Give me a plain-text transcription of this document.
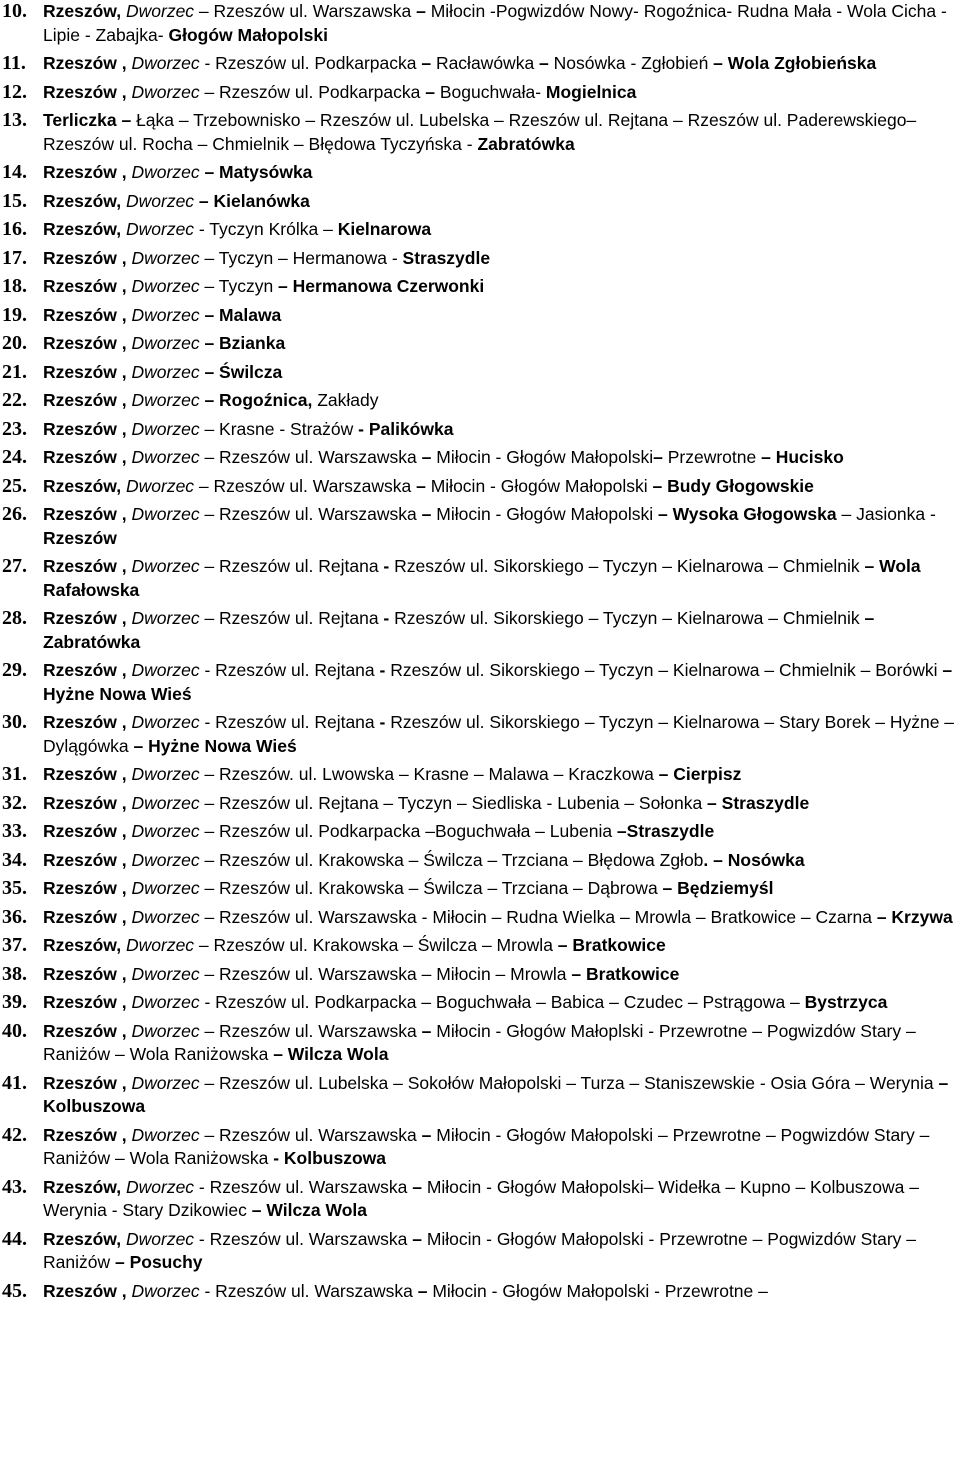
10. Rzeszów, Dworzec – Rzeszów ul. Warszawska – Miłocin -Pogwizdów Nowy- Rogoźnica- Rudna Mała - Wola Cicha - Lipie - Zabajka- Głogów Małopolski
11. Rzeszów , Dworzec - Rzeszów ul. Podkarpacka – Racławówka – Nosówka - Zgłobień – Wola Zgłobieńska
12. Rzeszów , Dworzec – Rzeszów ul. Podkarpacka – Boguchwała- Mogielnica
13. Terliczka – Łąka – Trzebownisko – Rzeszów ul. Lubelska – Rzeszów ul. Rejtana – Rzeszów ul. Paderewskiego– Rzeszów ul. Rocha – Chmielnik – Błędowa Tyczyńska - Zabratówka
14. Rzeszów , Dworzec – Matysówka
15. Rzeszów, Dworzec – Kielanówka
16. Rzeszów, Dworzec - Tyczyn Królka – Kielnarowa
17. Rzeszów , Dworzec – Tyczyn – Hermanowa - Straszydle
18. Rzeszów , Dworzec – Tyczyn – Hermanowa Czerwonki
19. Rzeszów , Dworzec – Malawa
20. Rzeszów , Dworzec – Bzianka
21. Rzeszów , Dworzec – Świlcza
22. Rzeszów , Dworzec – Rogoźnica, Zakłady
23. Rzeszów , Dworzec – Krasne - Strażów - Palikówka
24. Rzeszów , Dworzec – Rzeszów ul. Warszawska – Miłocin - Głogów Małopolski– Przewrotne – Hucisko
25. Rzeszów, Dworzec – Rzeszów ul. Warszawska – Miłocin - Głogów Małopolski – Budy Głogowskie
26. Rzeszów , Dworzec – Rzeszów ul. Warszawska – Miłocin - Głogów Małopolski – Wysoka Głogowska – Jasionka - Rzeszów
27. Rzeszów , Dworzec – Rzeszów ul. Rejtana - Rzeszów ul. Sikorskiego – Tyczyn – Kielnarowa – Chmielnik – Wola Rafałowska
28. Rzeszów , Dworzec – Rzeszów ul. Rejtana - Rzeszów ul. Sikorskiego – Tyczyn – Kielnarowa – Chmielnik – Zabratówka
29. Rzeszów , Dworzec - Rzeszów ul. Rejtana - Rzeszów ul. Sikorskiego – Tyczyn – Kielnarowa – Chmielnik – Borówki – Hyżne Nowa Wieś
30. Rzeszów , Dworzec - Rzeszów ul. Rejtana - Rzeszów ul. Sikorskiego – Tyczyn – Kielnarowa – Stary Borek – Hyżne – Dylągówka – Hyżne Nowa Wieś
31. Rzeszów , Dworzec – Rzeszów. ul. Lwowska – Krasne – Malawa – Kraczkowa – Cierpisz
32. Rzeszów , Dworzec – Rzeszów ul. Rejtana – Tyczyn – Siedliska - Lubenia – Sołonka – Straszydle
33. Rzeszów , Dworzec – Rzeszów ul. Podkarpacka –Boguchwała – Lubenia –Straszydle
34. Rzeszów , Dworzec – Rzeszów ul. Krakowska – Świlcza – Trzciana – Błędowa Zgłob. – Nosówka
35. Rzeszów , Dworzec – Rzeszów ul. Krakowska – Świlcza – Trzciana – Dąbrowa – Będziemyśl
36. Rzeszów , Dworzec – Rzeszów ul. Warszawska - Miłocin – Rudna Wielka – Mrowla – Bratkowice – Czarna – Krzywa
37. Rzeszów, Dworzec – Rzeszów ul. Krakowska – Świlcza – Mrowla – Bratkowice
38. Rzeszów , Dworzec – Rzeszów ul. Warszawska – Miłocin – Mrowla – Bratkowice
39. Rzeszów , Dworzec - Rzeszów ul. Podkarpacka – Boguchwała – Babica – Czudec – Pstrągowa – Bystrzyca
40. Rzeszów , Dworzec – Rzeszów ul. Warszawska – Miłocin - Głogów Małoplski - Przewrotne – Pogwizdów Stary – Raniżów – Wola Raniżowska – Wilcza Wola
41. Rzeszów , Dworzec – Rzeszów ul. Lubelska – Sokołów Małopolski – Turza – Staniszewskie - Osia Góra – Werynia – Kolbuszowa
42. Rzeszów , Dworzec – Rzeszów ul. Warszawska – Miłocin - Głogów Małopolski – Przewrotne – Pogwizdów Stary – Raniżów – Wola Raniżowska - Kolbuszowa
43. Rzeszów, Dworzec - Rzeszów ul. Warszawska – Miłocin - Głogów Małopolski– Widełka – Kupno – Kolbuszowa – Werynia - Stary Dzikowiec – Wilcza Wola
44. Rzeszów, Dworzec - Rzeszów ul. Warszawska – Miłocin - Głogów Małopolski - Przewrotne – Pogwizdów Stary – Raniżów – Posuchy
45. Rzeszów , Dworzec - Rzeszów ul. Warszawska – Miłocin - Głogów Małopolski - Przewrotne –
